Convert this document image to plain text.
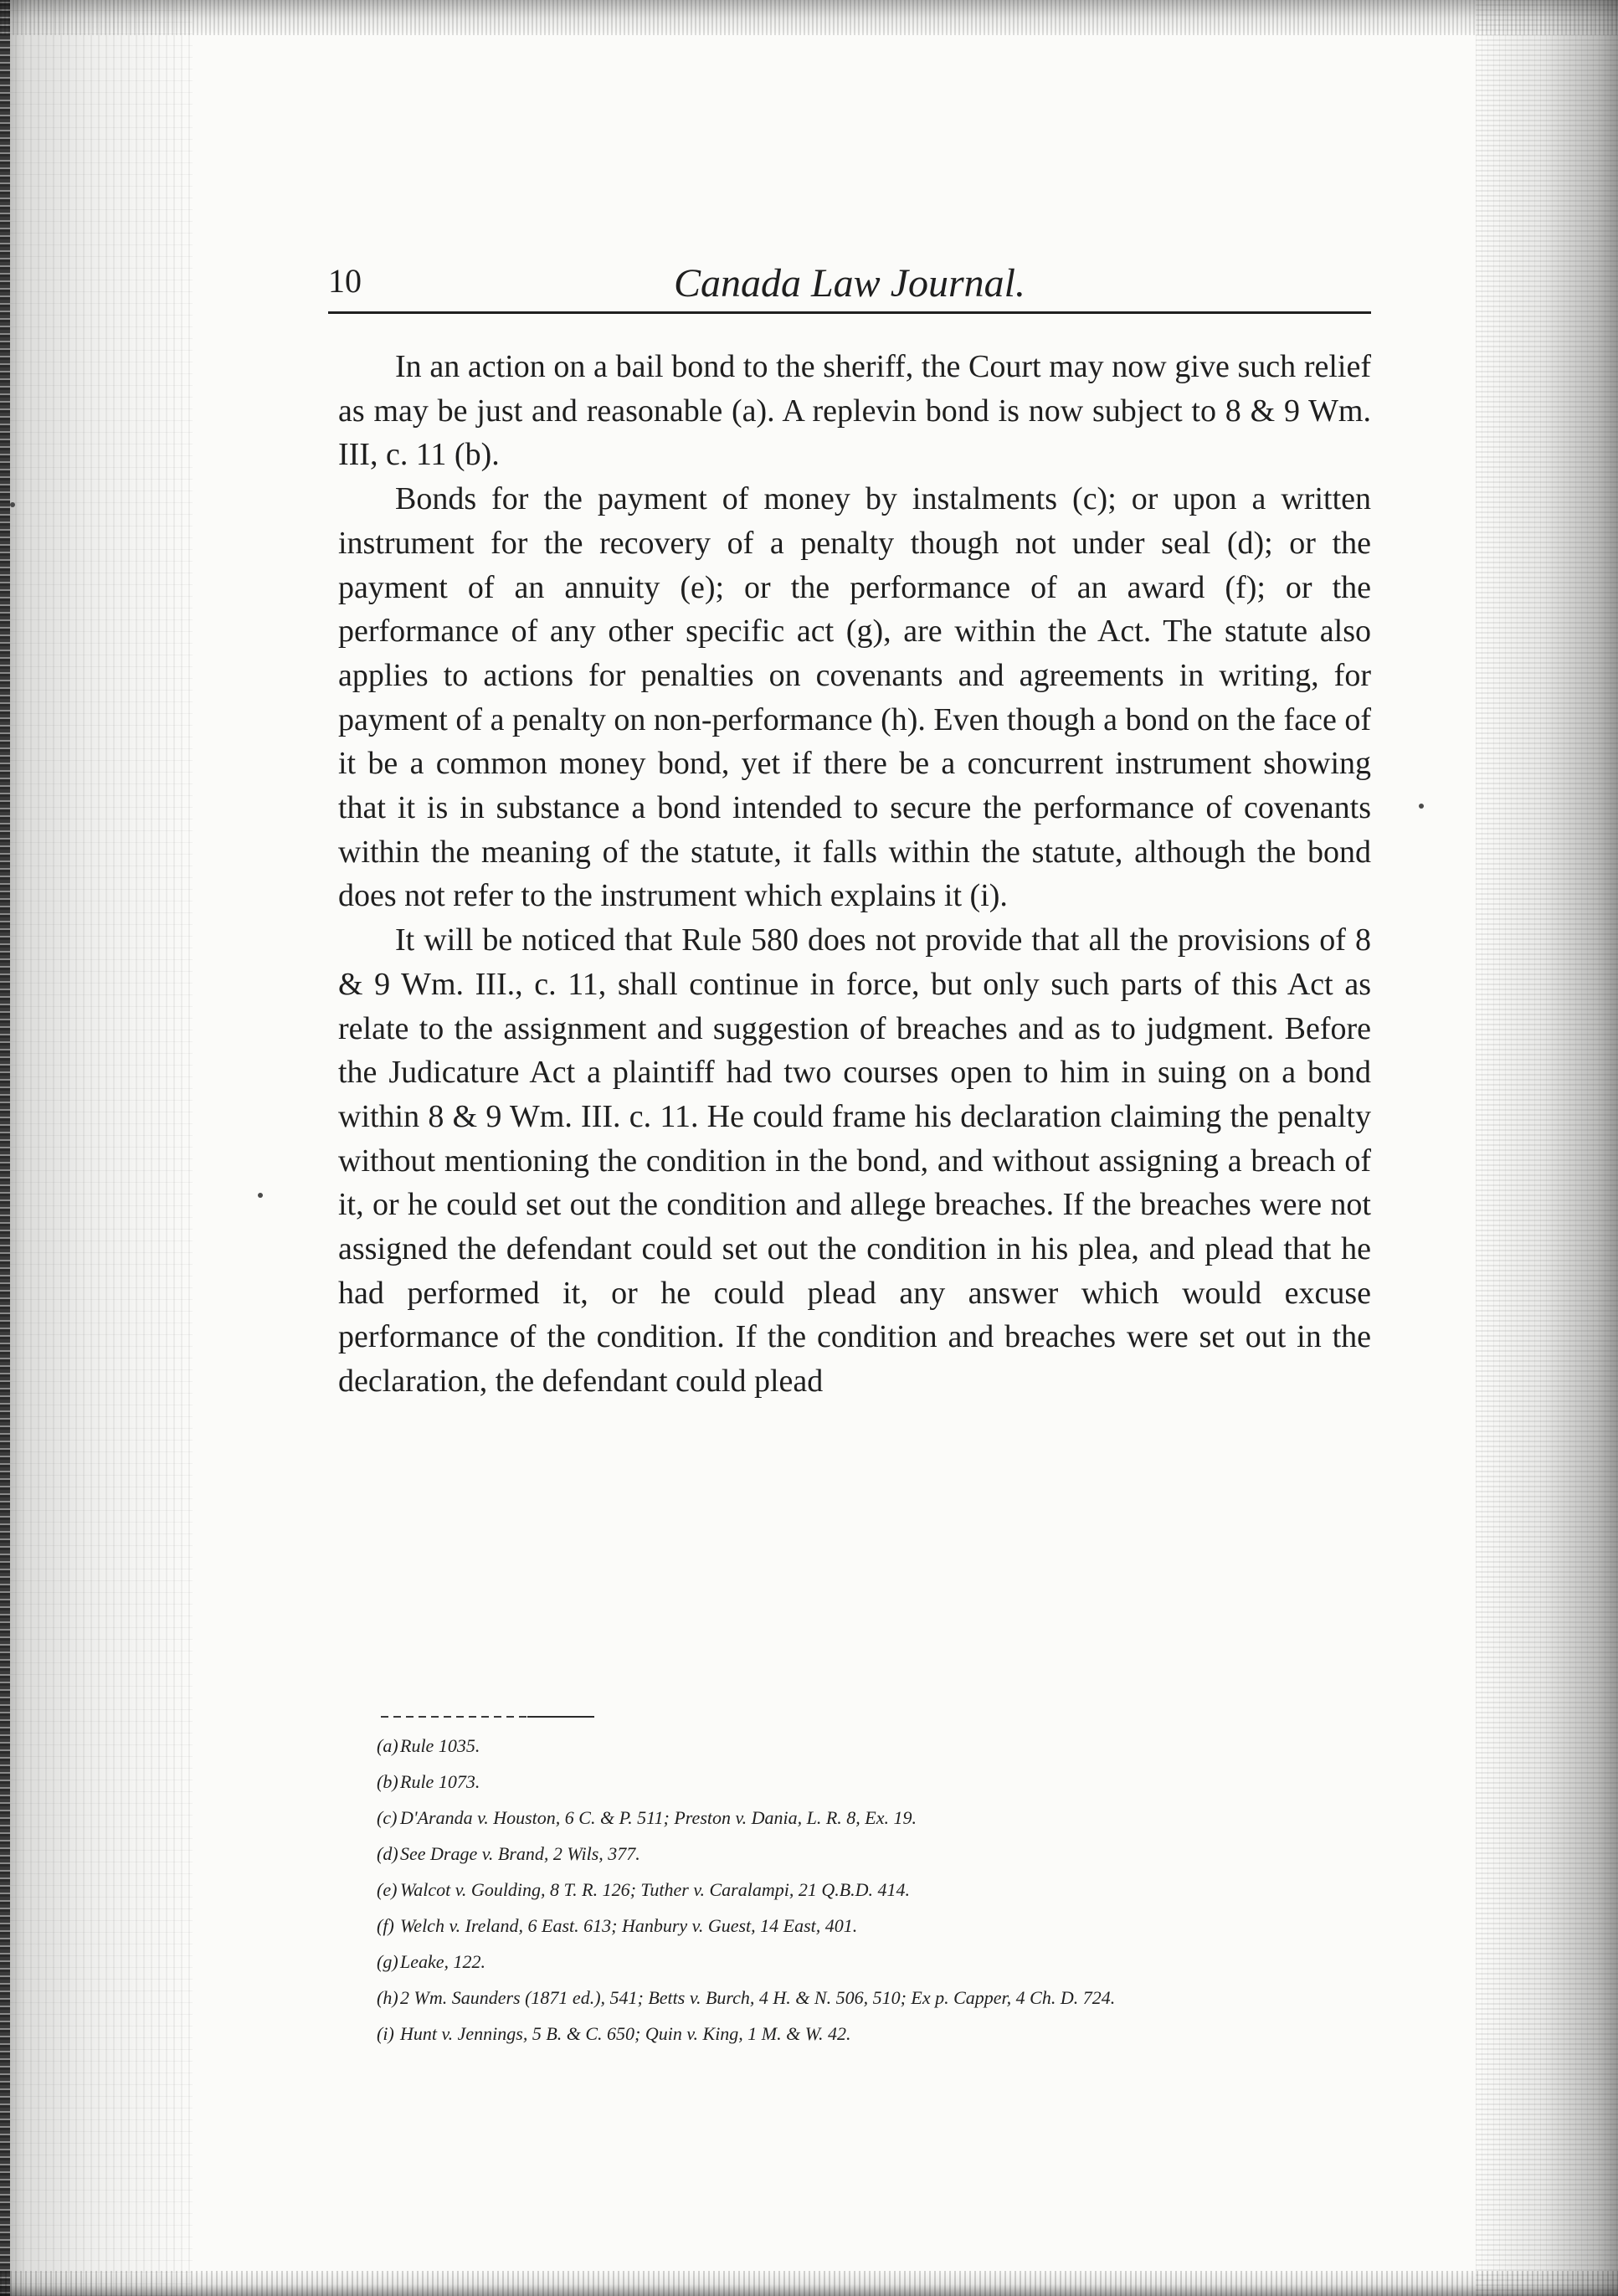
10	Canada Law Journal.

In an action on a bail bond to the sheriff, the Court may now give such relief as may be just and reasonable (a). A replevin bond is now subject to 8 & 9 Wm. III, c. 11 (b).

Bonds for the payment of money by instalments (c); or upon a written instrument for the recovery of a penalty though not under seal (d); or the payment of an annuity (e); or the performance of an award (f); or the performance of any other specific act (g), are within the Act. The statute also applies to actions for penalties on covenants and agreements in writing, for payment of a penalty on non-performance (h). Even though a bond on the face of it be a common money bond, yet if there be a concurrent instrument showing that it is in substance a bond intended to secure the performance of covenants within the meaning of the statute, it falls within the statute, although the bond does not refer to the instrument which explains it (i).

It will be noticed that Rule 580 does not provide that all the provisions of 8 & 9 Wm. III., c. 11, shall continue in force, but only such parts of this Act as relate to the assignment and suggestion of breaches and as to judgment. Before the Judicature Act a plaintiff had two courses open to him in suing on a bond within 8 & 9 Wm. III. c. 11. He could frame his declaration claiming the penalty without mentioning the condition in the bond, and without assigning a breach of it, or he could set out the condition and allege breaches. If the breaches were not assigned the defendant could set out the condition in his plea, and plead that he had performed it, or he could plead any answer which would excuse performance of the condition. If the condition and breaches were set out in the declaration, the defendant could plead

(a) Rule 1035.
(b) Rule 1073.
(c) D'Aranda v. Houston, 6 C. & P. 511; Preston v. Dania, L. R. 8, Ex. 19.
(d) See Drage v. Brand, 2 Wils, 377.
(e) Walcot v. Goulding, 8 T. R. 126; Tuther v. Caralampi, 21 Q.B.D. 414.
(f) Welch v. Ireland, 6 East. 613; Hanbury v. Guest, 14 East, 401.
(g) Leake, 122.
(h) 2 Wm. Saunders (1871 ed.), 541; Betts v. Burch, 4 H. & N. 506, 510; Ex p. Capper, 4 Ch. D. 724.
(i) Hunt v. Jennings, 5 B. & C. 650; Quin v. King, 1 M. & W. 42.
